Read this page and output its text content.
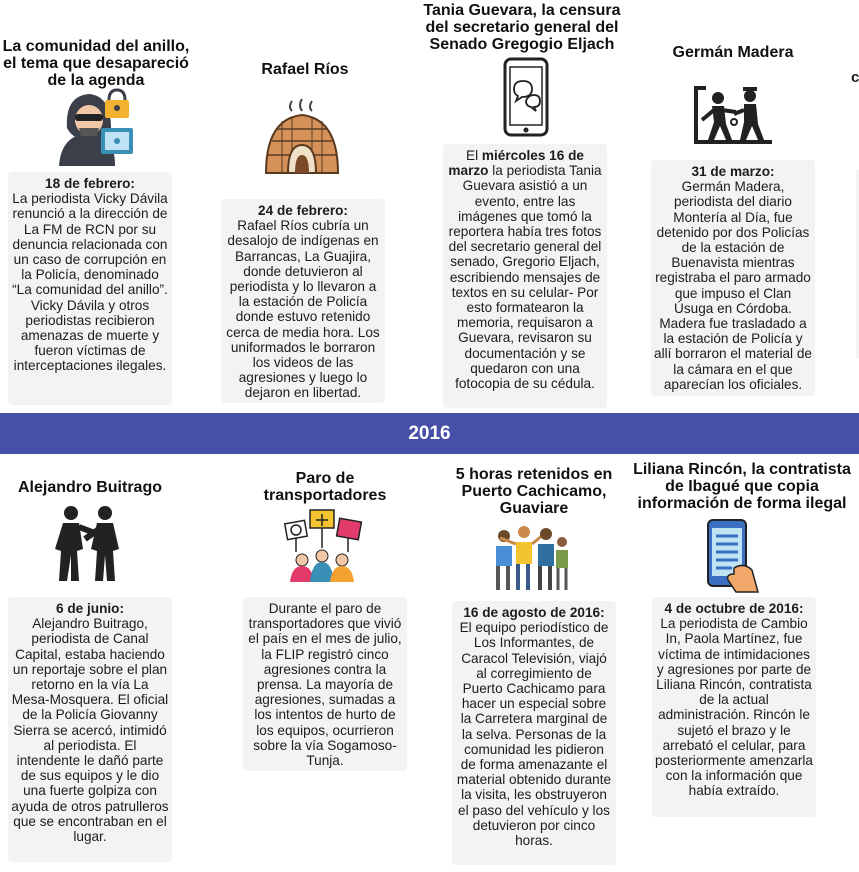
La comunidad del anillo, el tema que desapareció de la agenda
18 de febrero:
La periodista Vicky Dávila renunció a la dirección de La FM de RCN por su denuncia relacionada con un caso de corrupción en la Policía, denominado “La comunidad del anillo”. Vicky Dávila y otros periodistas recibieron amenazas de muerte y fueron víctimas de interceptaciones ilegales.
Rafael Ríos
24 de febrero:
Rafael Ríos cubría un desalojo de indígenas en Barrancas, La Guajira, donde detuvieron al periodista y lo llevaron a la estación de Policía donde estuvo retenido cerca de media hora. Los uniformados le borraron los videos de las agresiones y luego lo dejaron en libertad.
Tania Guevara, la censura del secretario general del Senado Gregogio Eljach
El miércoles 16 de marzo la periodista Tania Guevara asistió a un evento, entre las imágenes que tomó la reportera había tres fotos del secretario general del senado, Gregorio Eljach, escribiendo mensajes de textos en su celular- Por esto formatearon la memoria, requisaron a Guevara, revisaron su documentación y se quedaron con una fotocopia de su cédula.
Germán Madera
31 de marzo:
Germán Madera, periodista del diario Montería al Día, fue detenido por dos Policías de la estación de Buenavista mientras registraba el paro armado que impuso el Clan Úsuga en Córdoba. Madera fue trasladado a la estación de Policía y allí borraron el material de la cámara en el que aparecían los oficiales.
c
2016
Alejandro Buitrago
6 de junio:
Alejandro Buitrago, periodista de Canal Capital, estaba haciendo un reportaje sobre el plan retorno en la vía La Mesa-Mosquera. El oficial de la Policía Giovanny Sierra se acercó, intimidó al periodista. El intendente le dañó parte de sus equipos y le dio una fuerte golpiza con ayuda de otros patrulleros que se encontraban en el lugar.
Paro de transportadores
Durante el paro de transportadores que vivió el país en el mes de julio, la FLIP registró cinco agresiones contra la prensa. La mayoría de agresiones, sumadas a los intentos de hurto de los equipos, ocurrieron sobre la vía Sogamoso-Tunja.
5 horas retenidos en Puerto Cachicamo, Guaviare
16 de agosto de 2016:
El equipo periodístico de Los Informantes, de Caracol Televisión, viajó al corregimiento de Puerto Cachicamo para hacer un especial sobre la Carretera marginal de la selva. Personas de la comunidad les pidieron de forma amenazante el material obtenido durante la visita, les obstruyeron el paso del vehículo y los detuvieron por cinco horas.
Liliana Rincón, la contratista de Ibagué que copia información de forma ilegal
4 de octubre de 2016:
La periodista de Cambio In, Paola Martínez, fue víctima de intimidaciones y agresiones por parte de Liliana Rincón, contratista de la actual administración. Rincón le sujetó el brazo y le arrebató el celular, para posteriormente amenzarla con la información que había extraído.
